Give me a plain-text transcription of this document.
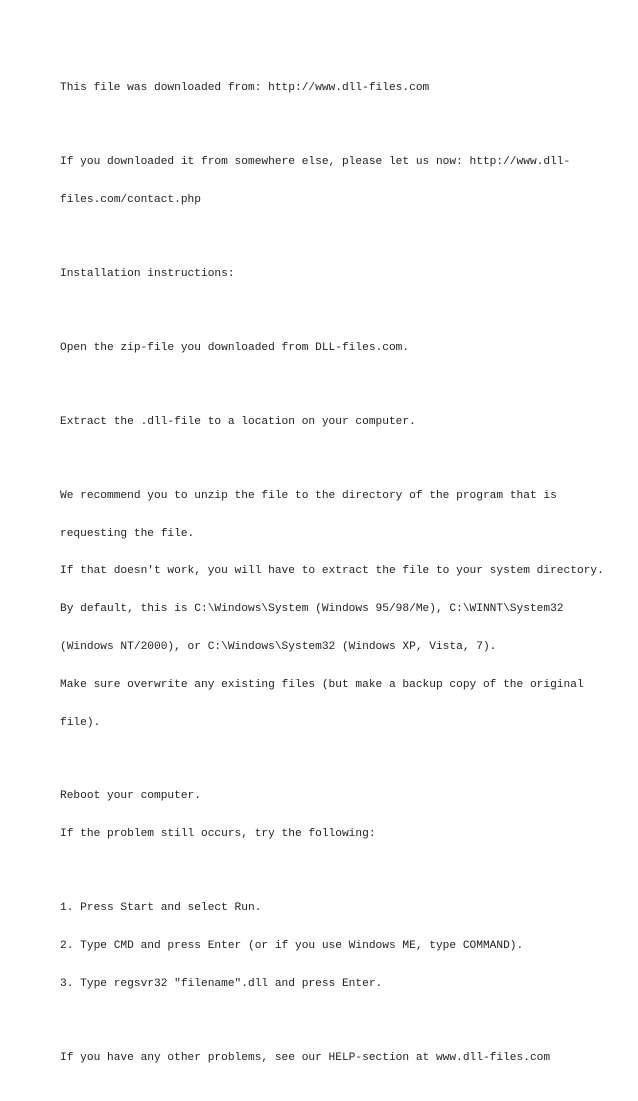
This file was downloaded from: http://www.dll-files.com

If you downloaded it from somewhere else, please let us now: http://www.dll-

files.com/contact.php

Installation instructions:

Open the zip-file you downloaded from DLL-files.com.

Extract the .dll-file to a location on your computer.

We recommend you to unzip the file to the directory of the program that is

requesting the file.

If that doesn't work, you will have to extract the file to your system directory.

By default, this is C:\Windows\System (Windows 95/98/Me), C:\WINNT\System32

(Windows NT/2000), or C:\Windows\System32 (Windows XP, Vista, 7).

Make sure overwrite any existing files (but make a backup copy of the original

file).

Reboot your computer.

If the problem still occurs, try the following:

1. Press Start and select Run.

2. Type CMD and press Enter (or if you use Windows ME, type COMMAND).

3. Type regsvr32 "filename".dll and press Enter.

If you have any other problems, see our HELP-section at www.dll-files.com
